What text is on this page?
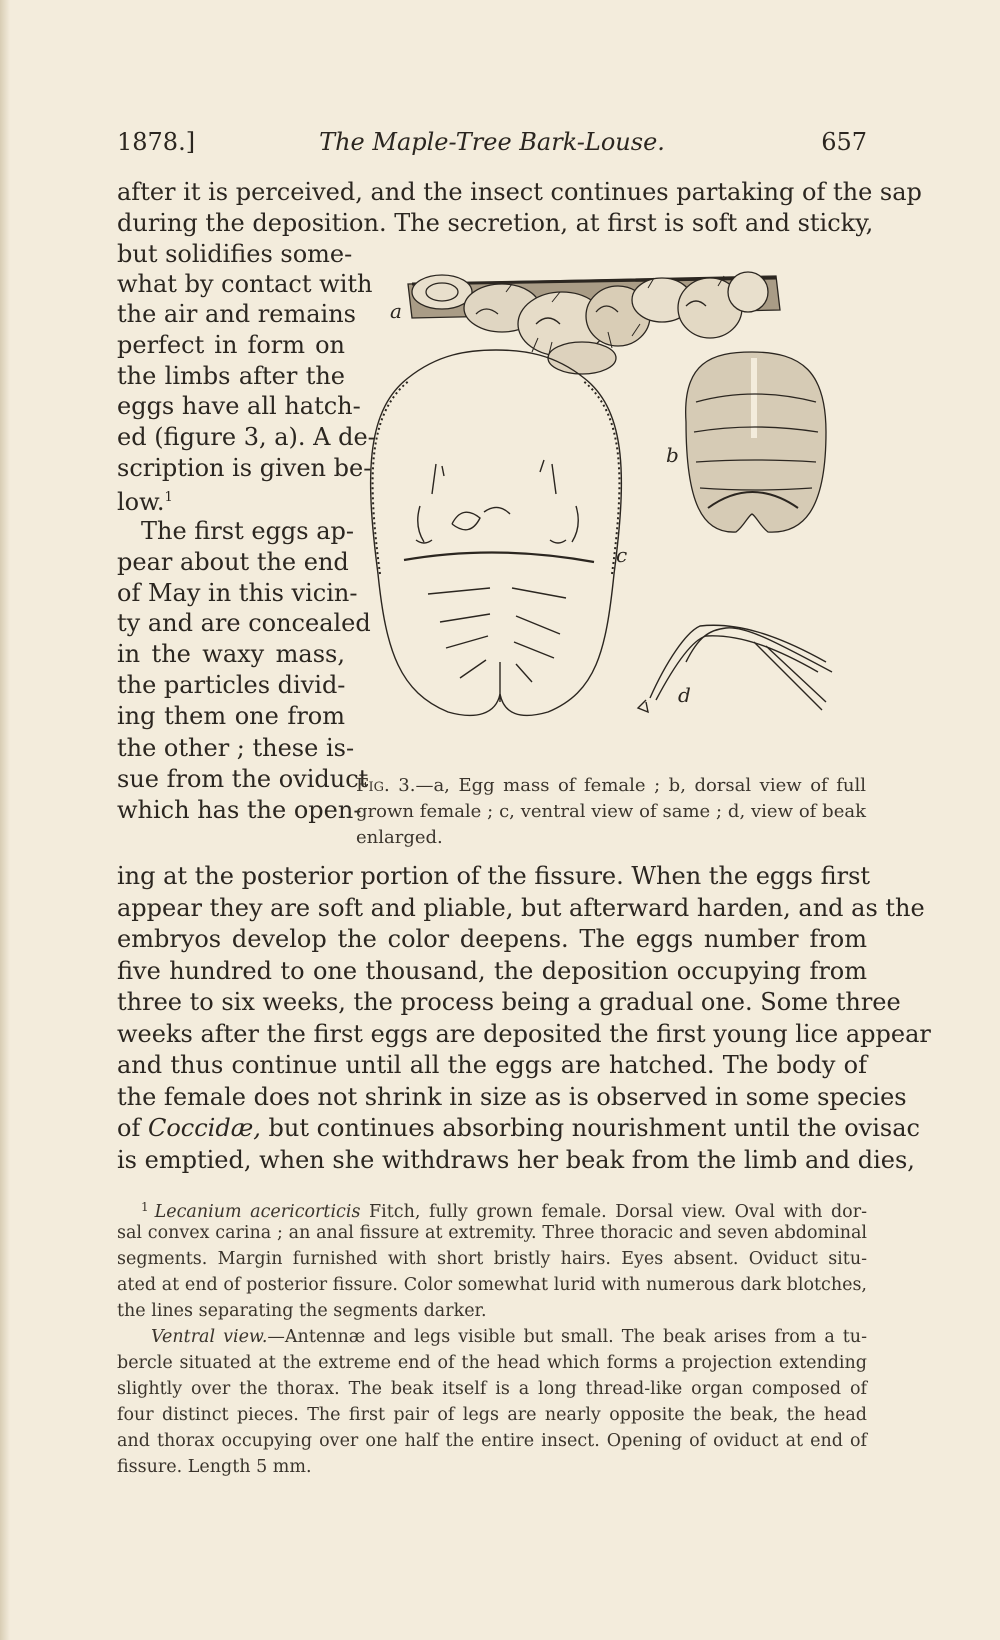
1878.]	The Maple-Tree Bark-Louse.	657
after it is perceived, and the insect continues partaking of the sap
during the deposition. The secretion, at first is soft and sticky,
but solidifies some-
what by contact with
the air and remains
perfect in form on
the limbs after the
eggs have all hatch-
ed (figure 3, a). A de-
scription is given be-
low.$^1$
The first eggs ap-
pear about the end
of May in this vicin-
ty and are concealed
in the waxy mass,
the particles divid-
ing them one from
the other ; these is-
sue from the oviduct
which has the open-
a
c
b
d
Fig. 3.—a, Egg mass of female ; b, dorsal view of full
grown female ; c, ventral view of same ; d, view of beak
enlarged.
ing at the posterior portion of the fissure. When the eggs first
appear they are soft and pliable, but afterward harden, and as the
embryos develop the color deepens. The eggs number from
five hundred to one thousand, the deposition occupying from
three to six weeks, the process being a gradual one. Some three
weeks after the first eggs are deposited the first young lice appear
and thus continue until all the eggs are hatched. The body of
the female does not shrink in size as is observed in some species
of Coccidæ, but continues absorbing nourishment until the ovisac
is emptied, when she withdraws her beak from the limb and dies,
$^1$ Lecanium acericorticis Fitch, fully grown female. Dorsal view. Oval with dor-
sal convex carina ; an anal fissure at extremity. Three thoracic and seven abdominal
segments. Margin furnished with short bristly hairs. Eyes absent. Oviduct situ-
ated at end of posterior fissure. Color somewhat lurid with numerous dark blotches,
the lines separating the segments darker.
Ventral view.—Antennæ and legs visible but small. The beak arises from a tu-
bercle situated at the extreme end of the head which forms a projection extending
slightly over the thorax. The beak itself is a long thread-like organ composed of
four distinct pieces. The first pair of legs are nearly opposite the beak, the head
and thorax occupying over one half the entire insect. Opening of oviduct at end of
fissure. Length 5 mm.
